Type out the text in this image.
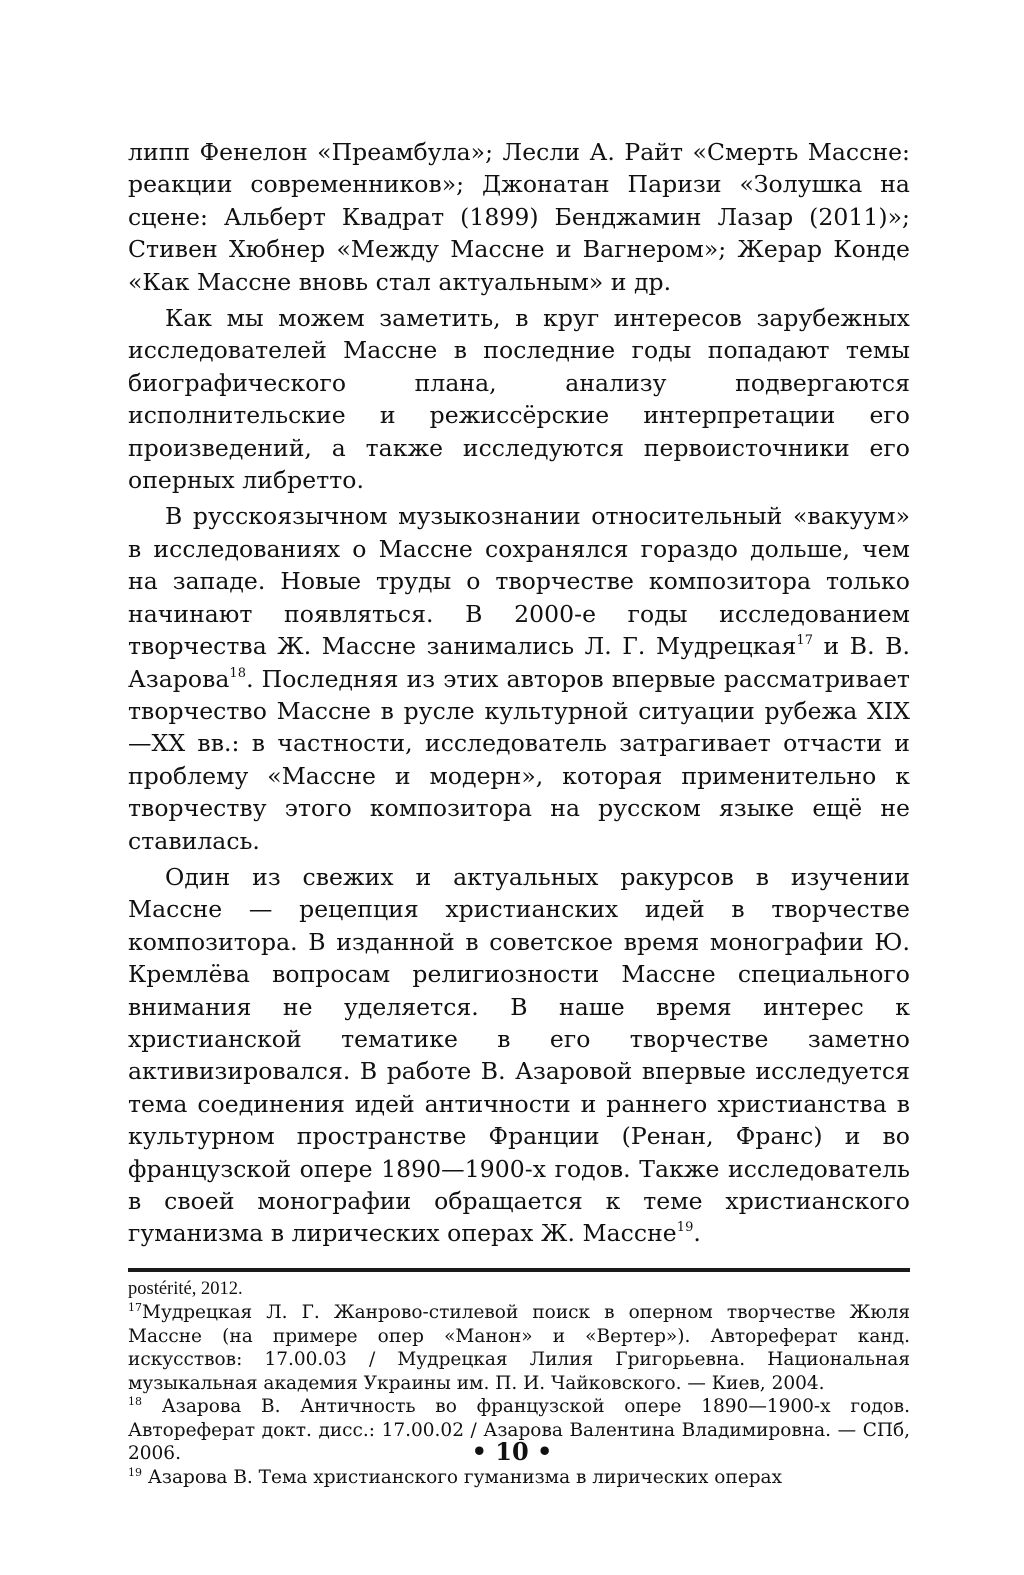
липп Фенелон «Преамбула»; Лесли А. Райт «Смерть Массне: реакции современников»; Джонатан Паризи «Золушка на сцене: Альберт Квадрат (1899) Бенджамин Лазар (2011)»; Стивен Хюбнер «Между Массне и Вагнером»; Жерар Конде «Как Массне вновь стал актуальным» и др.

Как мы можем заметить, в круг интересов зарубежных исследователей Массне в последние годы попадают темы биографического плана, анализу подвергаются исполнительские и режиссёрские интерпретации его произведений, а также исследуются первоисточники его оперных либретто.

В русскоязычном музыкознании относительный «вакуум» в исследованиях о Массне сохранялся гораздо дольше, чем на западе. Новые труды о творчестве композитора только начинают появляться. В 2000-е годы исследованием творчества Ж. Массне занимались Л. Г. Мудрецкая$^{17}$ и В. В. Азарова$^{18}$. Последняя из этих авторов впервые рассматривает творчество Массне в русле культурной ситуации рубежа XIX—XX вв.: в частности, исследователь затрагивает отчасти и проблему «Массне и модерн», которая применительно к творчеству этого композитора на русском языке ещё не ставилась.

Один из свежих и актуальных ракурсов в изучении Массне — рецепция христианских идей в творчестве композитора. В изданной в советское время монографии Ю. Кремлёва вопросам религиозности Массне специального внимания не уделяется. В наше время интерес к христианской тематике в его творчестве заметно активизировался. В работе В. Азаровой впервые исследуется тема соединения идей античности и раннего христианства в культурном пространстве Франции (Ренан, Франс) и во французской опере 1890—1900-х годов. Также исследователь в своей монографии обращается к теме христианского гуманизма в лирических операх Ж. Массне$^{19}$.

postérité, 2012.

$^{17}$Мудрецкая Л. Г. Жанрово-стилевой поиск в оперном творчестве Жюля Массне (на примере опер «Манон» и «Вертер»). Автореферат канд. искусствов: 17.00.03 / Мудрецкая Лилия Григорьевна. Национальная музыкальная академия Украины им. П. И. Чайковского. — Киев, 2004.

$^{18}$ Азарова В. Античность во французской опере 1890—1900-х годов. Автореферат докт. дисс.: 17.00.02 / Азарова Валентина Владимировна. — СПб, 2006.

$^{19}$ Азарова В. Тема христианского гуманизма в лирических операх

• 10 •
